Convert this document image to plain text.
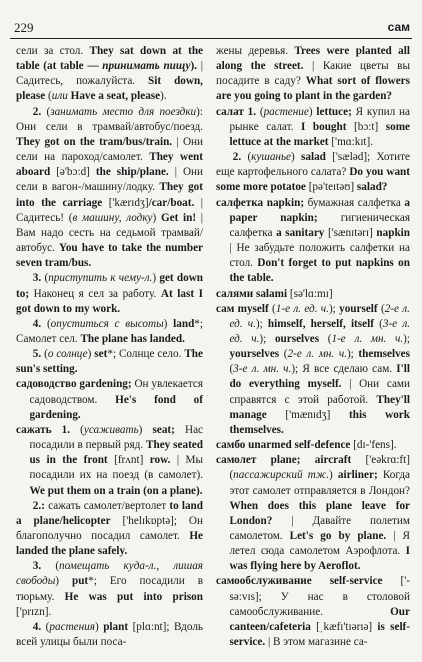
229	сам

сели за стол. They sat down at the table (at table — принимать пищу). | Садитесь, пожалуйста. Sit down, please (или Have a seat, please).

2. (занимать место для поездки): Они сели в трамвай/автобус/поезд. They got on the tram/bus/train. | Они сели на пароход/самолет. They went aboard [ə'bɔ:d] the ship/plane. | Они сели в вагон-/машину/лодку. They got into the carriage ['kærɪdʒ]/car/boat. | Садитесь! (в машину, лодку) Get in! | Вам надо сесть на седьмой трамвай/автобус. You have to take the number seven tram/bus.

3. (приступить к чему-л.) get down to; Наконец я сел за работу. At last I got down to my work.

4. (опуститься с высоты) land*; Самолет сел. The plane has landed.

5. (о солнце) set*; Солнце село. The sun's setting.

садоводство gardening; Он увлекается садоводством. He's fond of gardening.

сажать 1. (усаживать) seat; Нас посадили в первый ряд. They seated us in the front [frʌnt] row. | Мы посадили их на поезд (в самолет). We put them on a train (on a plane).

2.: сажать самолет/вертолет to land a plane/helicopter ['helɪkɒptə]; Он благополучно посадил самолет. He landed the plane safely.

3. (помещать куда-л., лишая свободы) put*; Его посадили в тюрьму. He was put into prison ['prɪzn].

4. (растения) plant [plɑ:nt]; Вдоль всей улицы были поса-

жены деревья. Trees were planted all along the street. | Какие цветы вы посадите в саду? What sort of flowers are you going to plant in the garden?

салат 1. (растение) lettuce; Я купил на рынке салат. I bought [bɔ:t] some lettuce at the market ['mɑ:kɪt].

2. (кушанье) salad ['sæləd]; Хотите еще картофельного салата? Do you want some more potatoe [pə'teɪtəʊ] salad?

салфетка napkin; бумажная салфетка a paper napkin; гигиеническая салфетка a sanitary ['sænɪtərɪ] napkin | Не забудьте положить салфетки на стол. Don't forget to put napkins on the table.

салями salami [sə'lɑ:mɪ]

сам myself (1-е л. ед. ч.); yourself (2-е л. ед. ч.); himself, herself, itself (3-е л. ед. ч.); ourselves (1-е л. мн. ч.); yourselves (2-е л. мн. ч.); themselves (3-е л. мн. ч.); Я все сделаю сам. I'll do everything myself. | Они сами справятся с этой работой. They'll manage ['mænɪdʒ] this work themselves.

самбо unarmed self-defence [dɪ-'fens].

самолет plane; aircraft ['eəkrɑ:ft] (пассажирский тж.) airliner; Когда этот самолет отправляется в Лондон? When does this plane leave for London? | Давайте полетим самолетом. Let's go by plane. | Я летел сюда самолетом Аэрофлота. I was flying here by Aeroflot.

самообслуживание self-service ['-sə:vɪs]; У нас в столовой самообслуживание. Our canteen/cafeteria [ˌkæfɪ'tɪərɪə] is self-service. | В этом магазине са-
